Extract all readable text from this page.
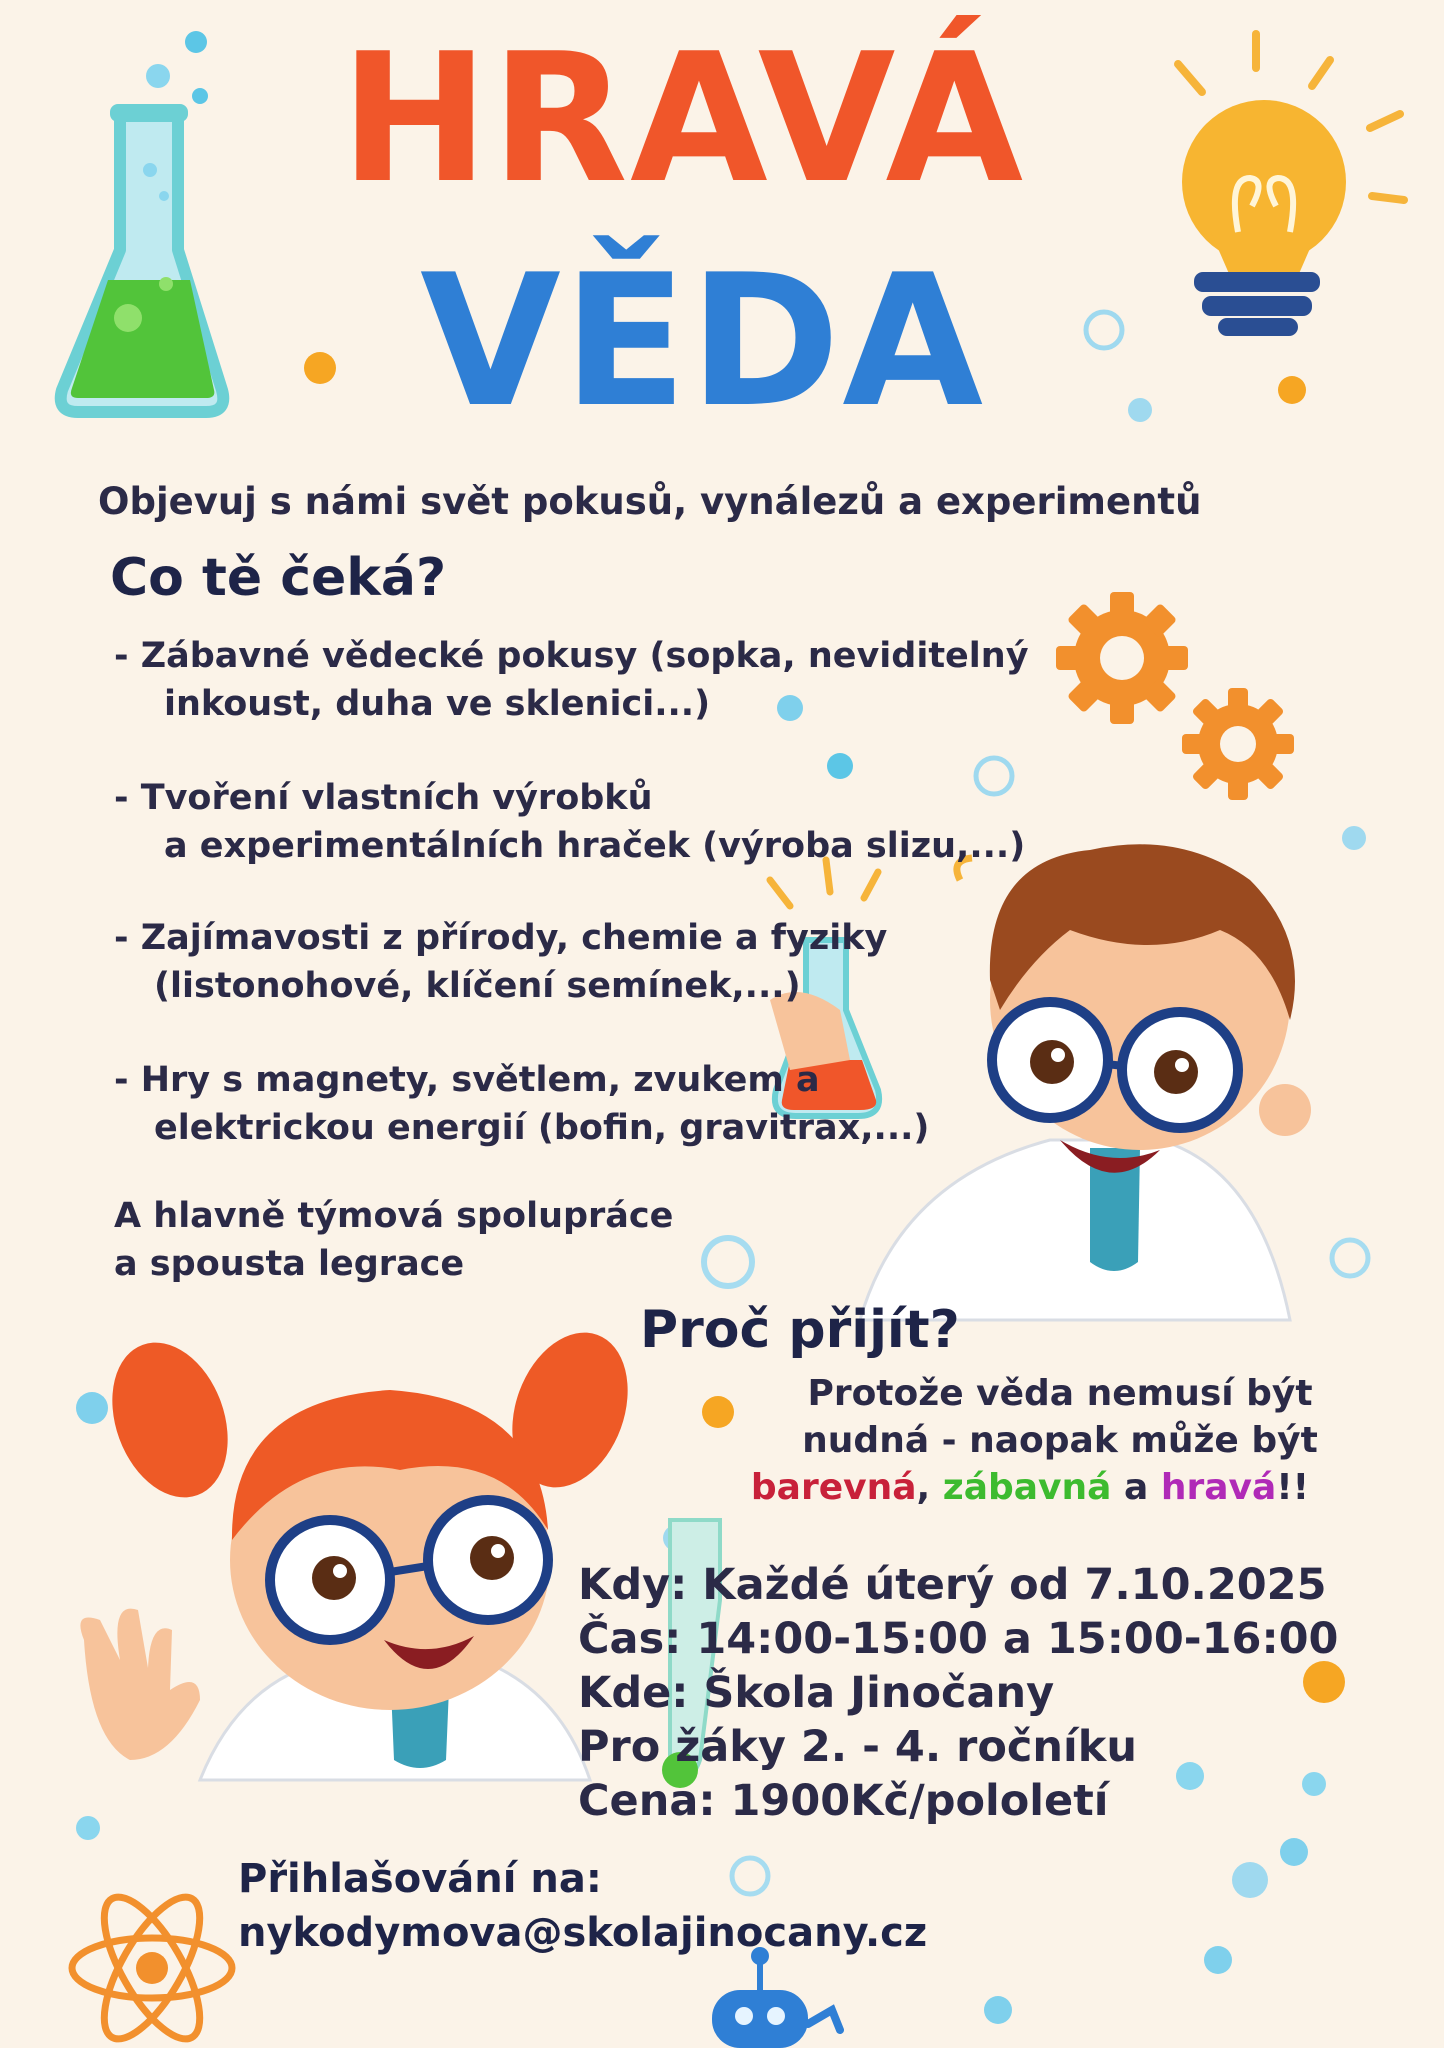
HRAVÁ
VĚDA
Objevuj s námi svět pokusů, vynálezů a experimentů
Co tě čeká?
- Zábavné vědecké pokusy (sopka, neviditelný
inkoust, duha ve sklenici...)
- Tvoření vlastních výrobků
a experimentálních hraček (výroba slizu,...)
- Zajímavosti z přírody, chemie a fyziky
(listonohové, klíčení semínek,...)
- Hry s magnety, světlem, zvukem a
elektrickou energií (bofin, gravitrax,...)
A hlavně týmová spolupráce
a spousta legrace
Proč přijít?
Protože věda nemusí být
nudná - naopak může být
barevná, zábavná a hravá!!
Kdy: Každé úterý od 7.10.2025
Čas: 14:00-15:00 a 15:00-16:00
Kde: Škola Jinočany
Pro žáky 2. - 4. ročníku
Cena: 1900Kč/pololetí
Přihlašování na:
nykodymova@skolajinocany.cz
